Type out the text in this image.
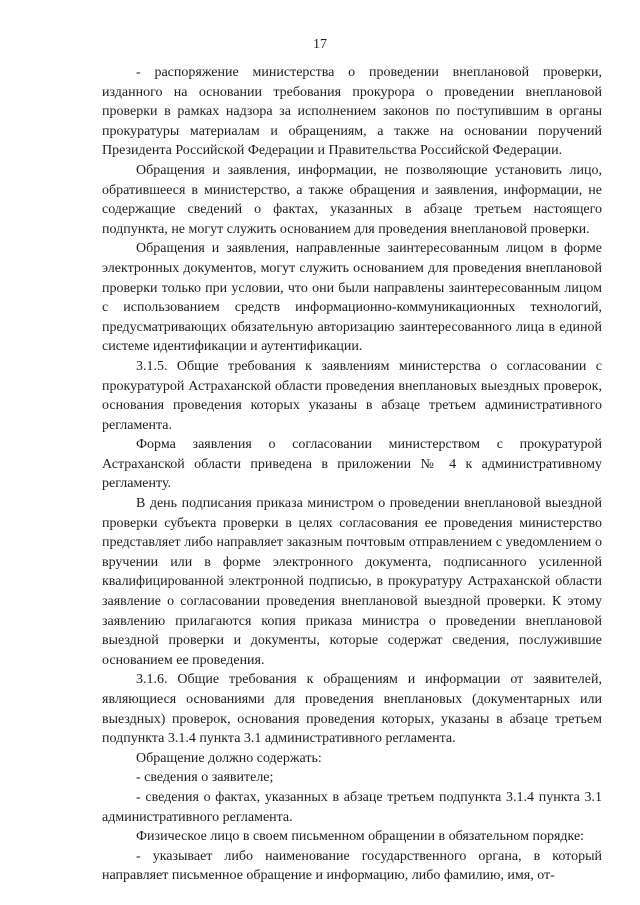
17

- распоряжение министерства о проведении внеплановой проверки, изданного на основании требования прокурора о проведении внеплановой проверки в рамках надзора за исполнением законов по поступившим в органы прокуратуры материалам и обращениям, а также на основании поручений Президента Российской Федерации и Правительства Российской Федерации.

Обращения и заявления, информации, не позволяющие установить лицо, обратившееся в министерство, а также обращения и заявления, информации, не содержащие сведений о фактах, указанных в абзаце третьем настоящего подпункта, не могут служить основанием для проведения внеплановой проверки.

Обращения и заявления, направленные заинтересованным лицом в форме электронных документов, могут служить основанием для проведения внеплановой проверки только при условии, что они были направлены заинтересованным лицом с использованием средств информационно-коммуникационных технологий, предусматривающих обязательную авторизацию заинтересованного лица в единой системе идентификации и аутентификации.

3.1.5. Общие требования к заявлениям министерства о согласовании с прокуратурой Астраханской области проведения внеплановых выездных проверок, основания проведения которых указаны в абзаце третьем административного регламента.

Форма заявления о согласовании министерством с прокуратурой Астраханской области приведена в приложении № 4 к административному регламенту.

В день подписания приказа министром о проведении внеплановой выездной проверки субъекта проверки в целях согласования ее проведения министерство представляет либо направляет заказным почтовым отправлением с уведомлением о вручении или в форме электронного документа, подписанного усиленной квалифицированной электронной подписью, в прокуратуру Астраханской области заявление о согласовании проведения внеплановой выездной проверки. К этому заявлению прилагаются копия приказа министра о проведении внеплановой выездной проверки и документы, которые содержат сведения, послужившие основанием ее проведения.

3.1.6. Общие требования к обращениям и информации от заявителей, являющиеся основаниями для проведения внеплановых (документарных или выездных) проверок, основания проведения которых, указаны в абзаце третьем подпункта 3.1.4 пункта 3.1 административного регламента.

Обращение должно содержать:

- сведения о заявителе;

- сведения о фактах, указанных в абзаце третьем подпункта 3.1.4 пункта 3.1 административного регламента.

Физическое лицо в своем письменном обращении в обязательном порядке:

- указывает либо наименование государственного органа, в который направляет письменное обращение и информацию, либо фамилию, имя, от-
